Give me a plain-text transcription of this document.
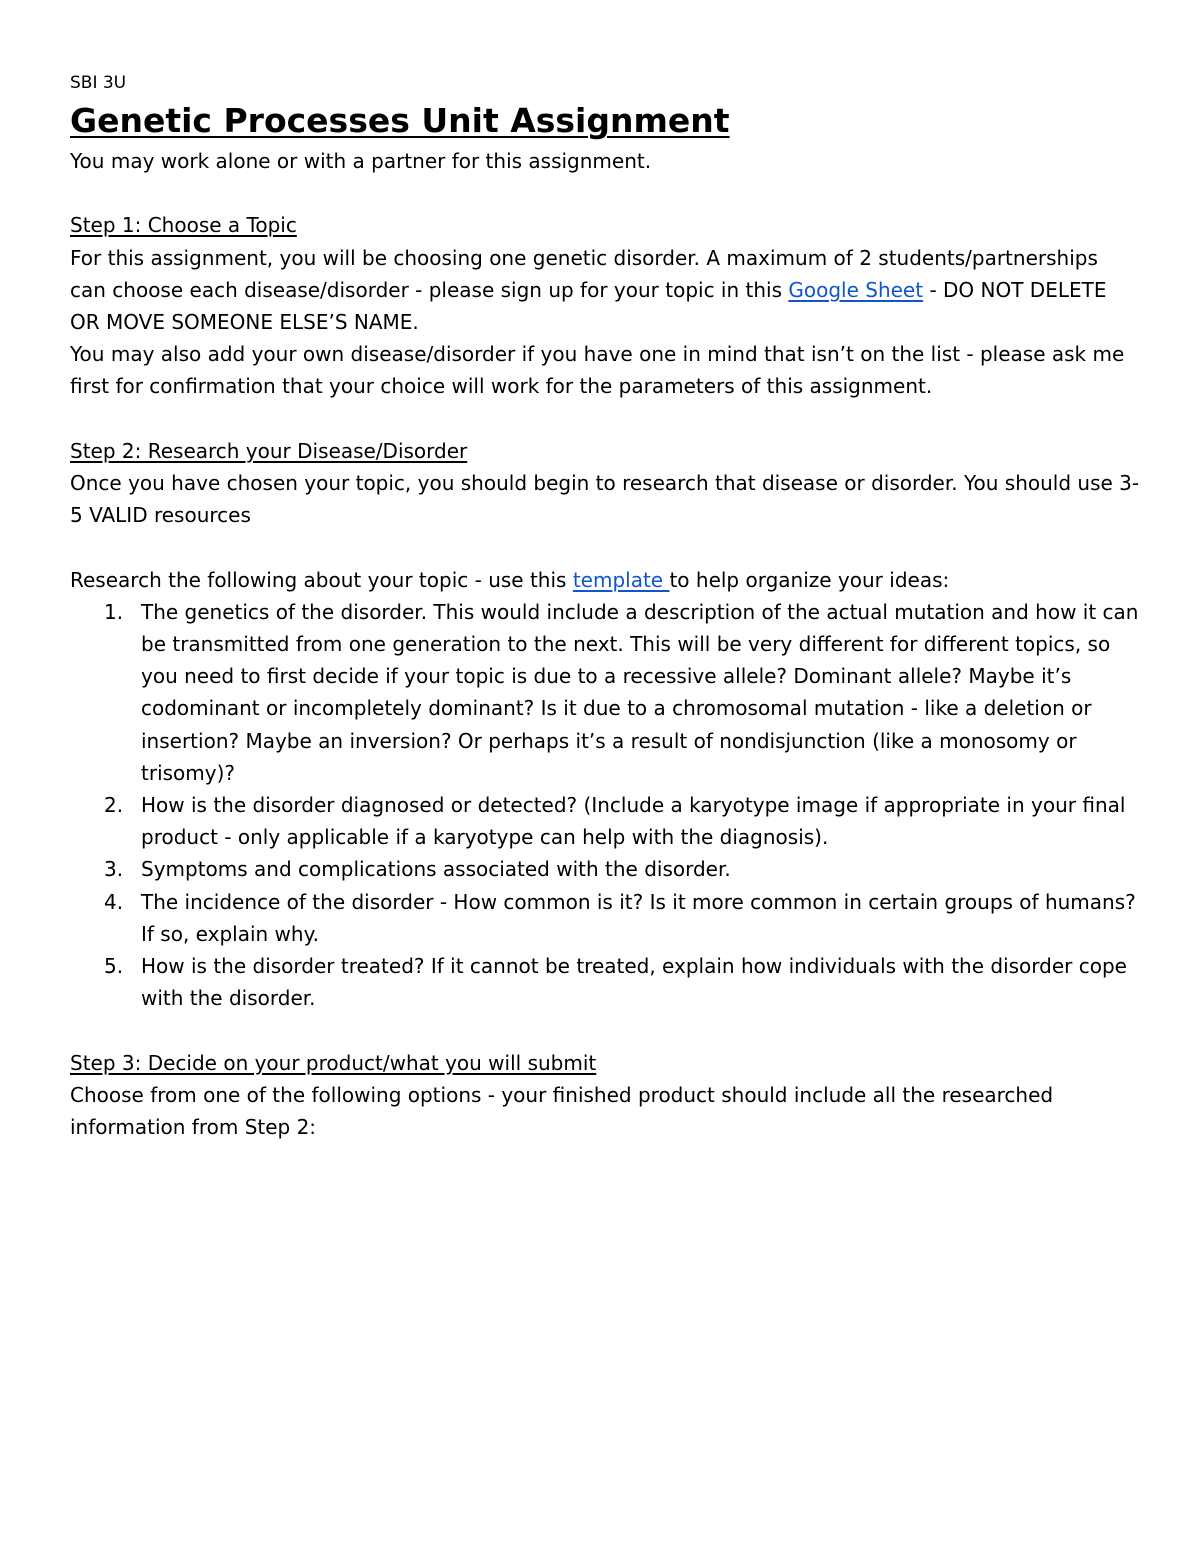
SBI 3U
Genetic Processes Unit Assignment

You may work alone or with a partner for this assignment.

Step 1: Choose a Topic

For this assignment, you will be choosing one genetic disorder. A maximum of 2 students/partnerships can choose each disease/disorder - please sign up for your topic in this Google Sheet - DO NOT DELETE OR MOVE SOMEONE ELSE’S NAME.

You may also add your own disease/disorder if you have one in mind that isn’t on the list - please ask me first for confirmation that your choice will work for the parameters of this assignment.

Step 2: Research your Disease/Disorder

Once you have chosen your topic, you should begin to research that disease or disorder. You should use 3-5 VALID resources

Research the following about your topic - use this template to help organize your ideas:

1. The genetics of the disorder. This would include a description of the actual mutation and how it can be transmitted from one generation to the next. This will be very different for different topics, so you need to first decide if your topic is due to a recessive allele? Dominant allele? Maybe it’s codominant or incompletely dominant? Is it due to a chromosomal mutation - like a deletion or insertion? Maybe an inversion? Or perhaps it’s a result of nondisjunction (like a monosomy or trisomy)?
2. How is the disorder diagnosed or detected? (Include a karyotype image if appropriate in your final product - only applicable if a karyotype can help with the diagnosis).
3. Symptoms and complications associated with the disorder.
4. The incidence of the disorder - How common is it? Is it more common in certain groups of humans? If so, explain why.
5. How is the disorder treated? If it cannot be treated, explain how individuals with the disorder cope with the disorder.

Step 3: Decide on your product/what you will submit

Choose from one of the following options - your finished product should include all the researched information from Step 2:
